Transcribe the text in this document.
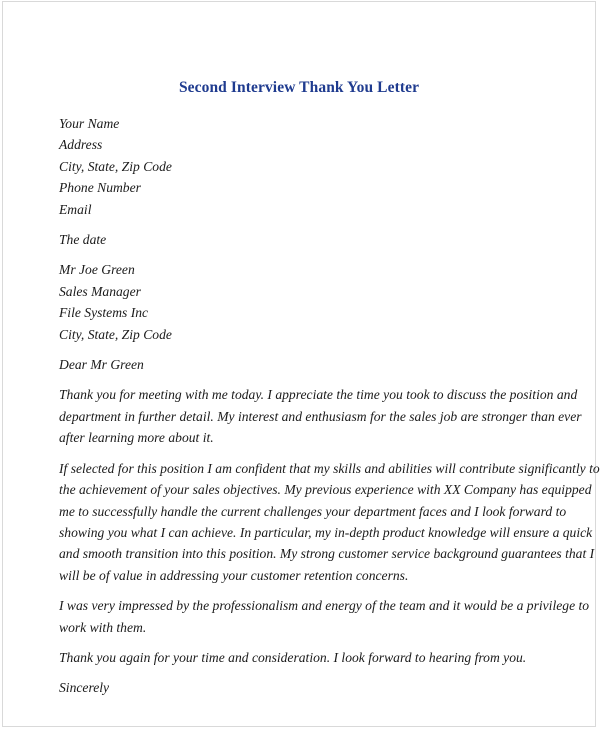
Second Interview Thank You Letter
Your Name
Address
City, State, Zip Code
Phone Number
Email
The date
Mr Joe Green
Sales Manager
File Systems Inc
City, State, Zip Code
Dear Mr Green
Thank you for meeting with me today. I appreciate the time you took to discuss the position and
department in further detail. My interest and enthusiasm for the sales job are stronger than ever
after learning more about it.
If selected for this position I am confident that my skills and abilities will contribute significantly to
the achievement of your sales objectives. My previous experience with XX Company has equipped
me to successfully handle the current challenges your department faces and I look forward to
showing you what I can achieve. In particular, my in-depth product knowledge will ensure a quick
and smooth transition into this position. My strong customer service background guarantees that I
will be of value in addressing your customer retention concerns.
I was very impressed by the professionalism and energy of the team and it would be a privilege to
work with them.
Thank you again for your time and consideration. I look forward to hearing from you.
Sincerely
